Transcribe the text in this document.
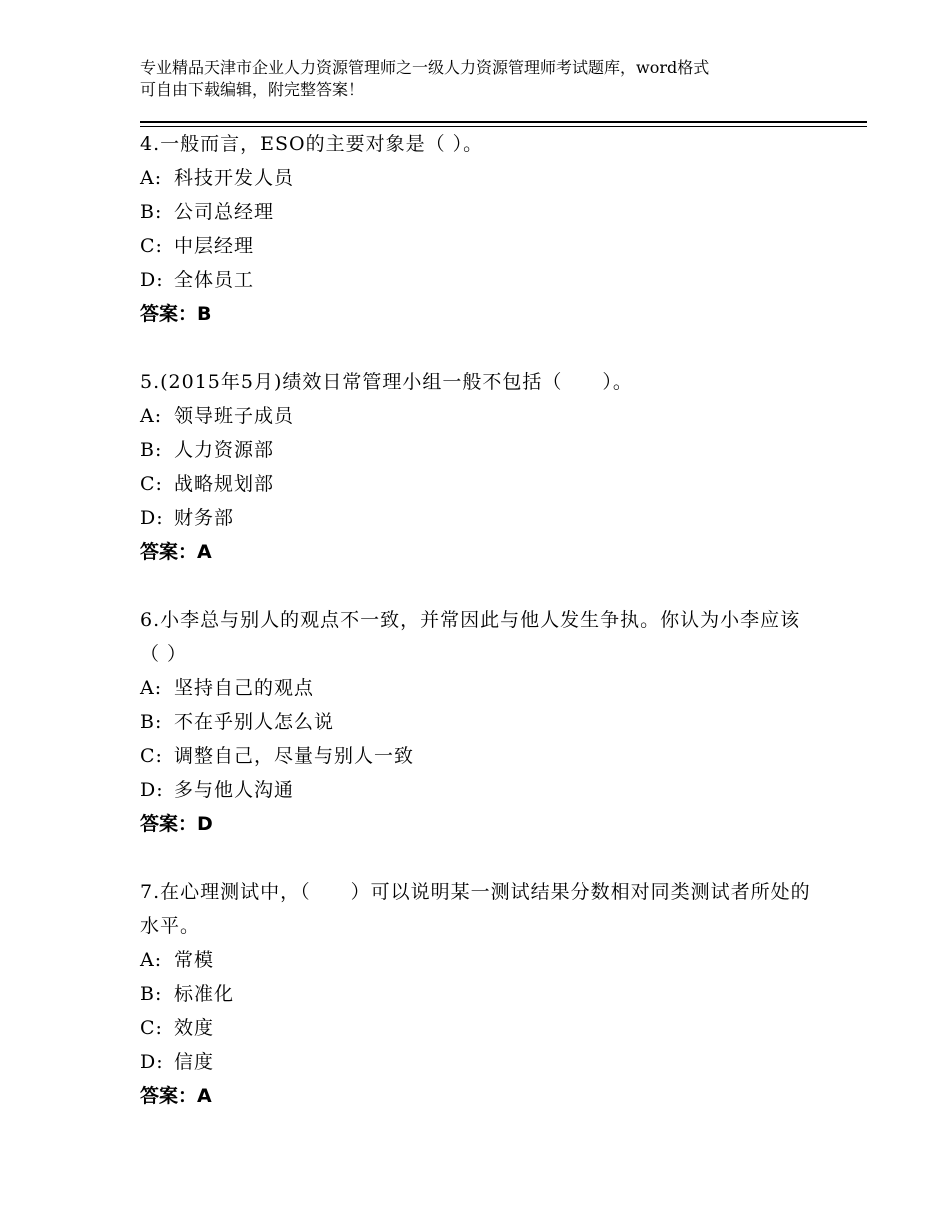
专业精品天津市企业人力资源管理师之一级人力资源管理师考试题库，word格式
可自由下载编辑，附完整答案！
4.一般而言，ESO的主要对象是（ ）。
A: 科技开发人员
B: 公司总经理
C: 中层经理
D: 全体员工
答案：B
5.(2015年5月)绩效日常管理小组一般不包括（　　）。
A: 领导班子成员
B: 人力资源部
C: 战略规划部
D: 财务部
答案：A
6.小李总与别人的观点不一致，并常因此与他人发生争执。你认为小李应该（ ）
A: 坚持自己的观点
B: 不在乎别人怎么说
C: 调整自己，尽量与别人一致
D: 多与他人沟通
答案：D
7.在心理测试中，（　　）可以说明某一测试结果分数相对同类测试者所处的水平。
A: 常模
B: 标准化
C: 效度
D: 信度
答案：A
